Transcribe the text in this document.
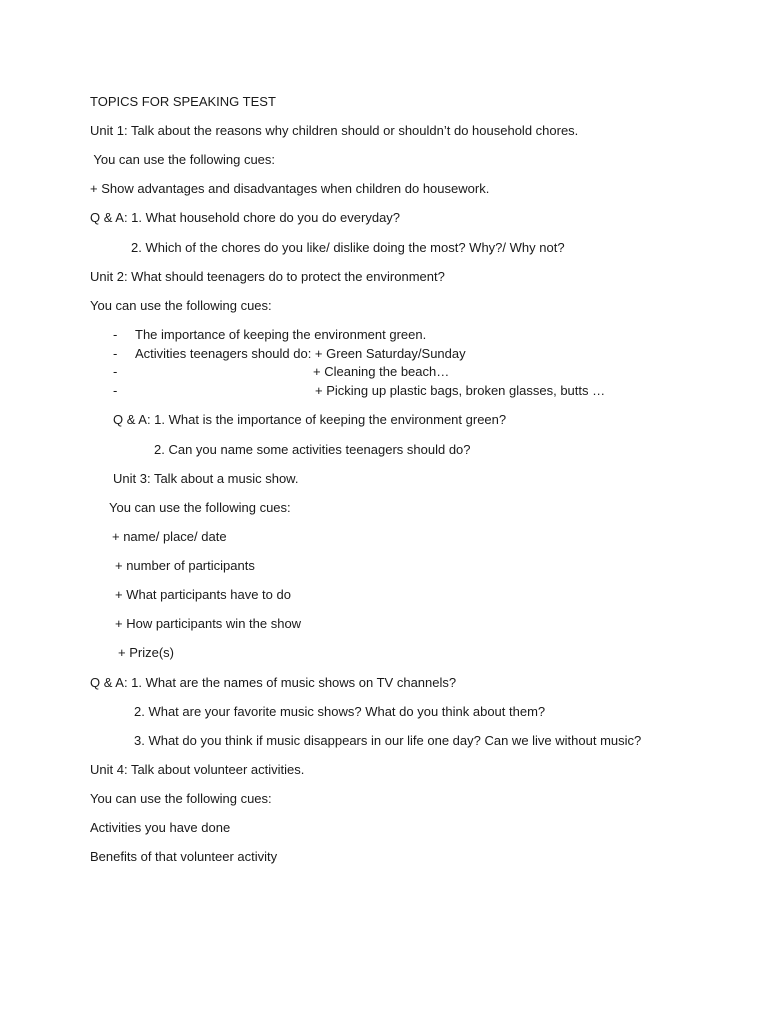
TOPICS FOR SPEAKING TEST
Unit 1: Talk about the reasons why children should or shouldn’t do household chores.
You can use the following cues:
+ Show advantages and disadvantages when children do housework.
Q & A: 1. What household chore do you do everyday?
2. Which of the chores do you like/ dislike doing the most? Why?/ Why not?
Unit 2: What should teenagers do to protect the environment?
You can use the following cues:
- The importance of keeping the environment green.
- Activities teenagers should do: + Green Saturday/Sunday
-	+ Cleaning the beach…
-	+ Picking up plastic bags, broken glasses, butts …
Q & A: 1. What is the importance of keeping the environment green?
2. Can you name some activities teenagers should do?
Unit 3: Talk about a music show.
You can use the following cues:
+ name/ place/ date
+ number of participants
+ What participants have to do
+ How participants win the show
+ Prize(s)
Q & A: 1. What are the names of music shows on TV channels?
2. What are your favorite music shows? What do you think about them?
3. What do you think if music disappears in our life one day? Can we live without music?
Unit 4: Talk about volunteer activities.
You can use the following cues:
Activities you have done
Benefits of that volunteer activity
